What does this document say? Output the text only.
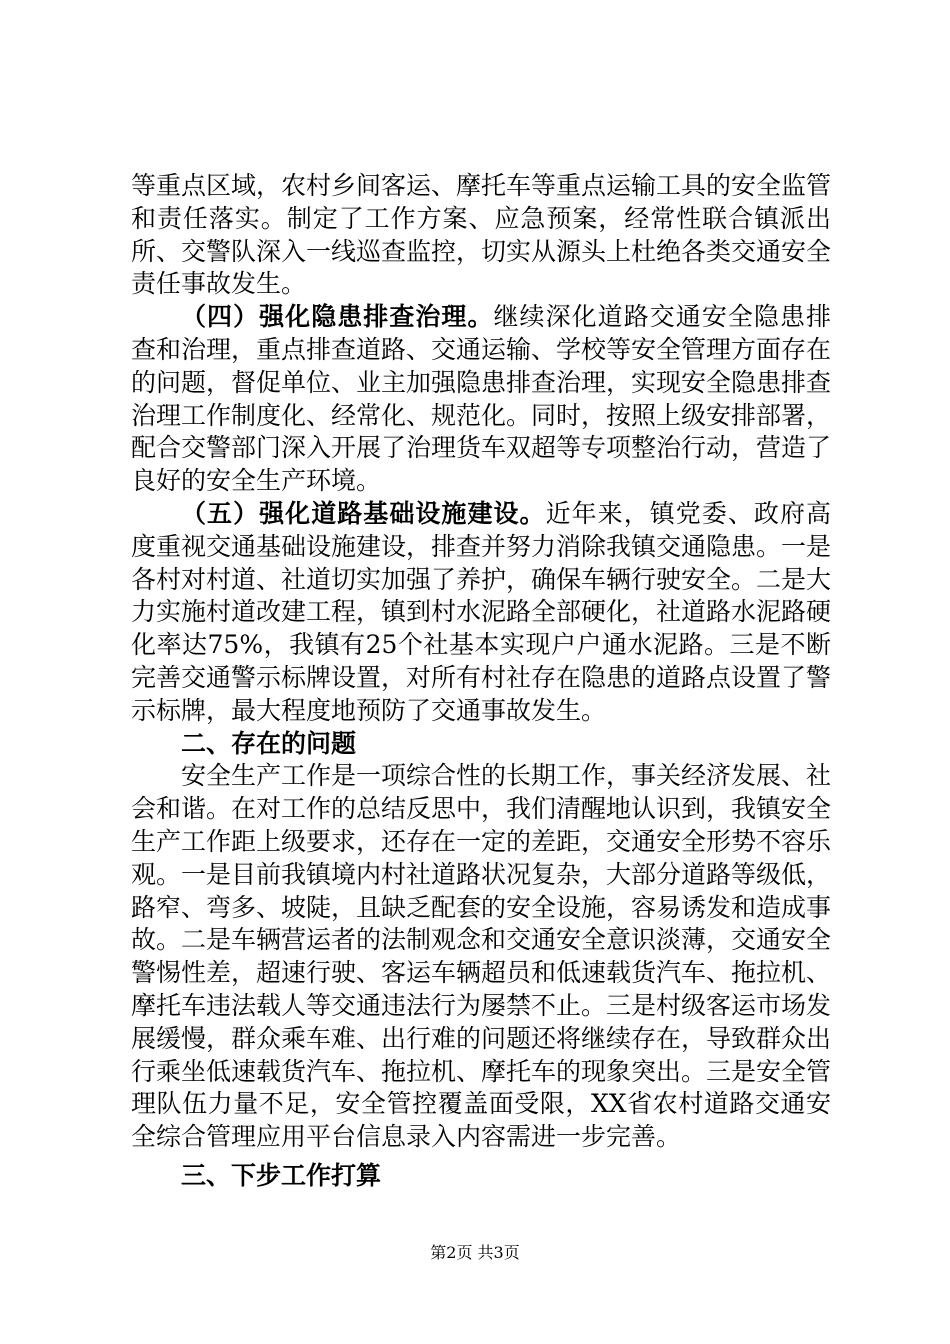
等重点区域，农村乡间客运、摩托车等重点运输工具的安全监管和责任落实。制定了工作方案、应急预案，经常性联合镇派出所、交警队深入一线巡查监控，切实从源头上杜绝各类交通安全责任事故发生。

（四）强化隐患排查治理。继续深化道路交通安全隐患排查和治理，重点排查道路、交通运输、学校等安全管理方面存在的问题，督促单位、业主加强隐患排查治理，实现安全隐患排查治理工作制度化、经常化、规范化。同时，按照上级安排部署，配合交警部门深入开展了治理货车双超等专项整治行动，营造了良好的安全生产环境。

（五）强化道路基础设施建设。近年来，镇党委、政府高度重视交通基础设施建设，排查并努力消除我镇交通隐患。一是各村对村道、社道切实加强了养护，确保车辆行驶安全。二是大力实施村道改建工程，镇到村水泥路全部硬化，社道路水泥路硬化率达75%，我镇有25个社基本实现户户通水泥路。三是不断完善交通警示标牌设置，对所有村社存在隐患的道路点设置了警示标牌，最大程度地预防了交通事故发生。

二、存在的问题

安全生产工作是一项综合性的长期工作，事关经济发展、社会和谐。在对工作的总结反思中，我们清醒地认识到，我镇安全生产工作距上级要求，还存在一定的差距，交通安全形势不容乐观。一是目前我镇境内村社道路状况复杂，大部分道路等级低，路窄、弯多、坡陡，且缺乏配套的安全设施，容易诱发和造成事故。二是车辆营运者的法制观念和交通安全意识淡薄，交通安全警惕性差，超速行驶、客运车辆超员和低速载货汽车、拖拉机、摩托车违法载人等交通违法行为屡禁不止。三是村级客运市场发展缓慢，群众乘车难、出行难的问题还将继续存在，导致群众出行乘坐低速载货汽车、拖拉机、摩托车的现象突出。三是安全管理队伍力量不足，安全管控覆盖面受限，XX省农村道路交通安全综合管理应用平台信息录入内容需进一步完善。

三、下步工作打算

第2页 共3页
